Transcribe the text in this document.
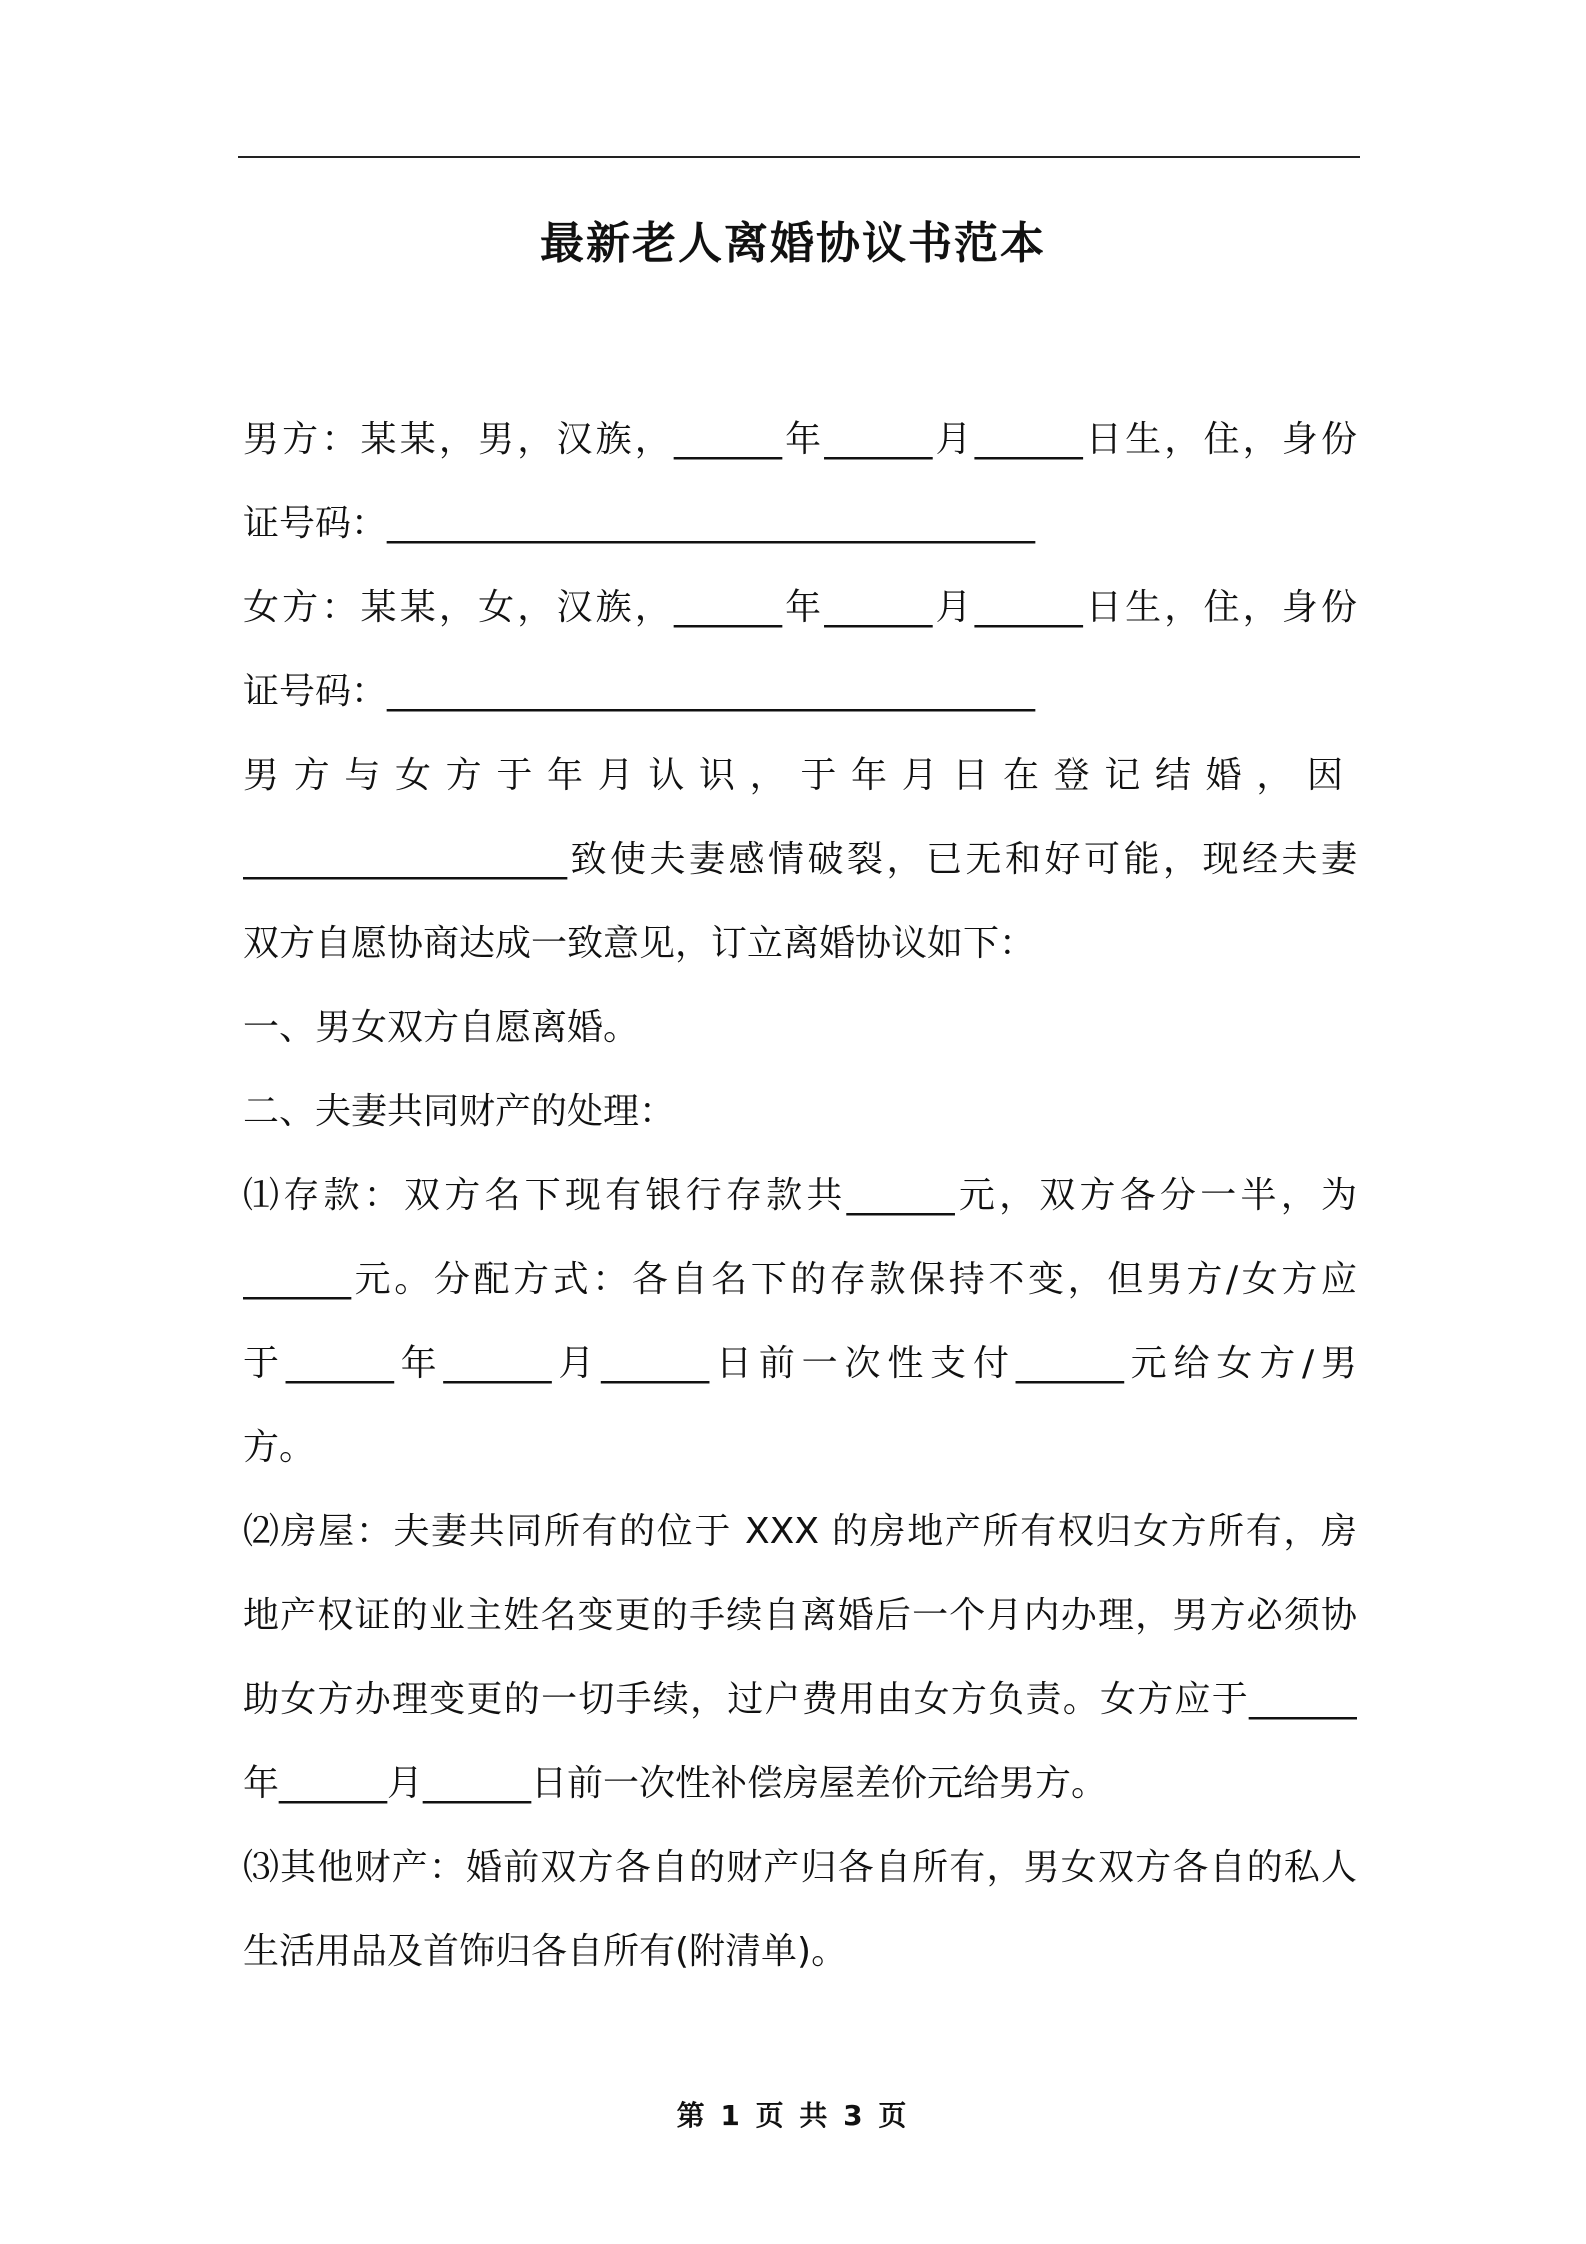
最新老人离婚协议书范本
男方：某某，男，汉族，______年______月______日生，住，身份
证号码：____________________________________
女方：某某，女，汉族，______年______月______日生，住，身份
证号码：____________________________________
男方与女方于年月认识，于年月日在登记结婚，因
__________________致使夫妻感情破裂，已无和好可能，现经夫妻
双方自愿协商达成一致意见，订立离婚协议如下：
一、男女双方自愿离婚。
二、夫妻共同财产的处理：
⑴存款：双方名下现有银行存款共______元，双方各分一半，为
______元。分配方式：各自名下的存款保持不变，但男方/女方应
于______年______月______日前一次性支付______元给女方/男
方。
⑵房屋：夫妻共同所有的位于 XXX 的房地产所有权归女方所有，房
地产权证的业主姓名变更的手续自离婚后一个月内办理，男方必须协
助女方办理变更的一切手续，过户费用由女方负责。女方应于______
年______月______日前一次性补偿房屋差价元给男方。
⑶其他财产：婚前双方各自的财产归各自所有，男女双方各自的私人
生活用品及首饰归各自所有(附清单)。
第 1 页 共 3 页
